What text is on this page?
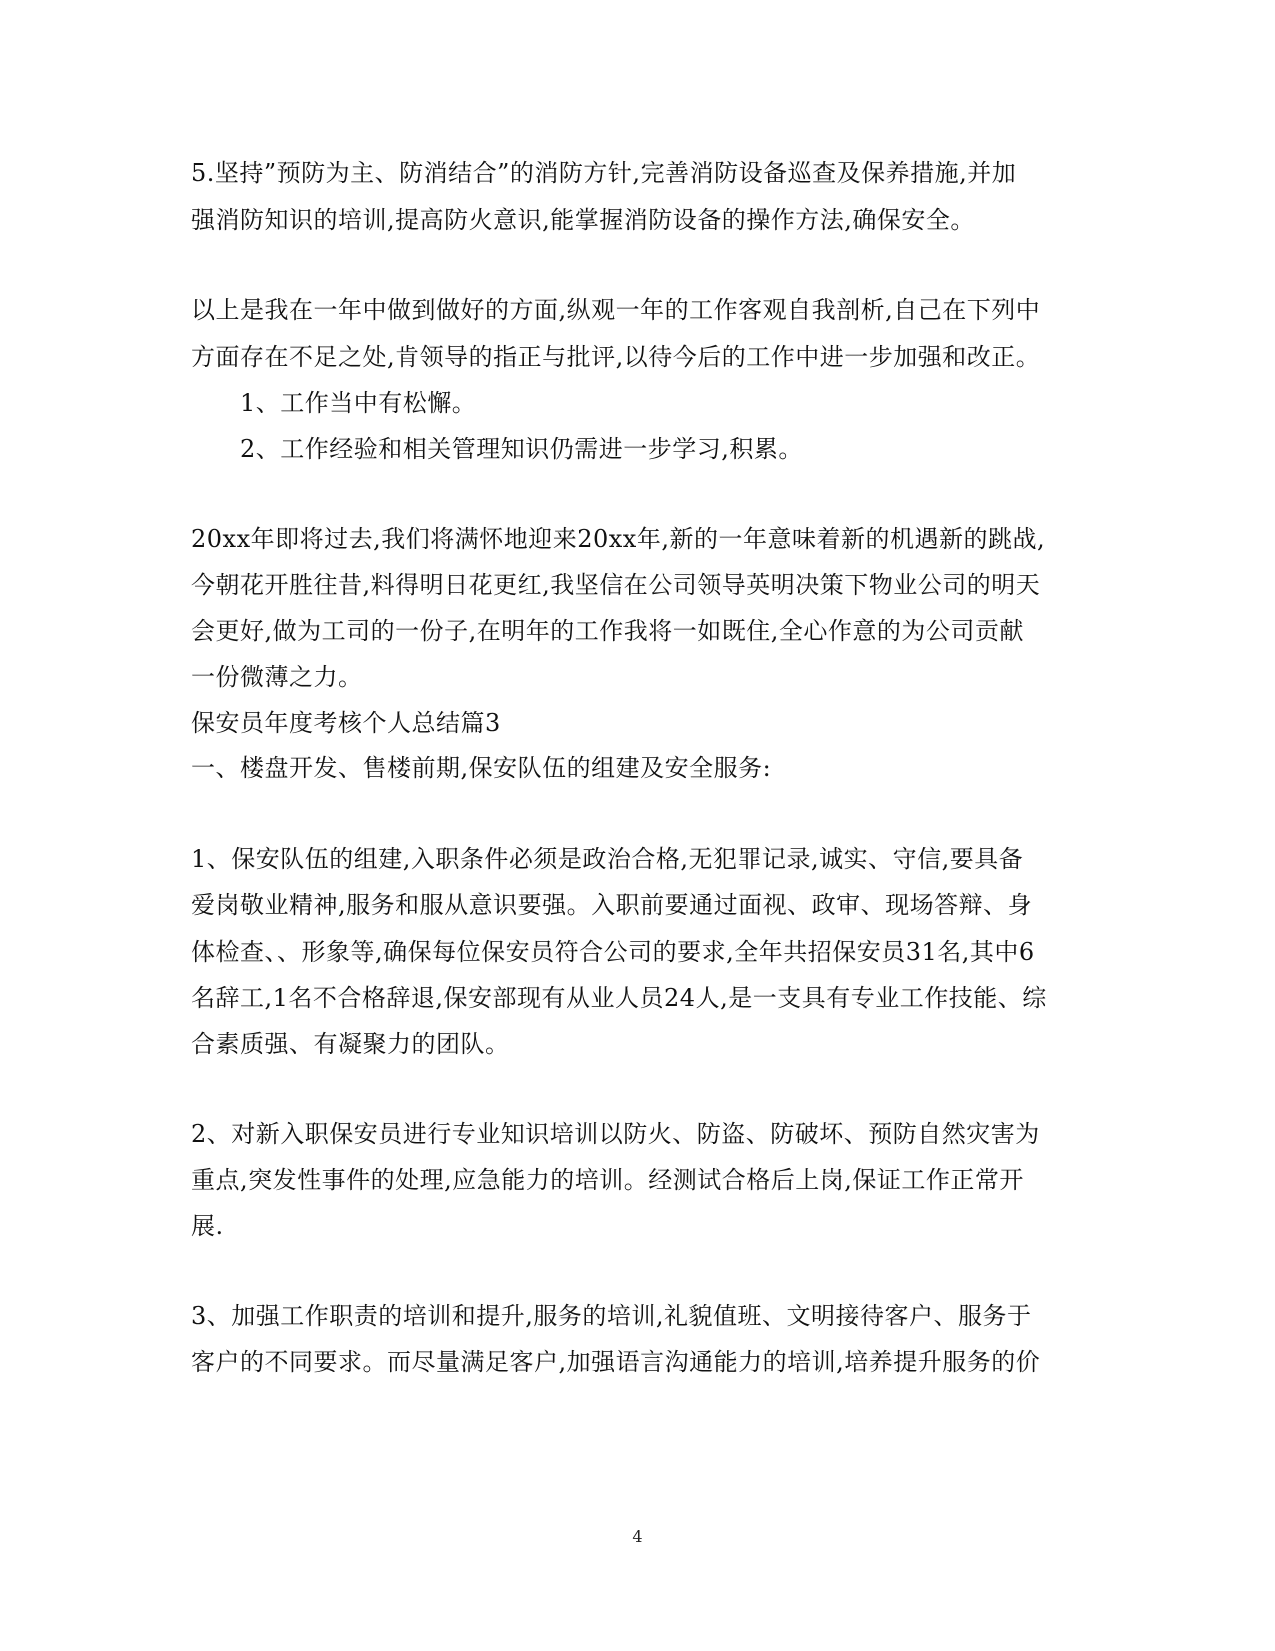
5.坚持”预防为主、防消结合”的消防方针,完善消防设备巡查及保养措施,并加
强消防知识的培训,提高防火意识,能掌握消防设备的操作方法,确保安全。
以上是我在一年中做到做好的方面,纵观一年的工作客观自我剖析,自己在下列中
方面存在不足之处,肯领导的指正与批评,以待今后的工作中进一步加强和改正。
1、工作当中有松懈。
2、工作经验和相关管理知识仍需进一步学习,积累。
20xx年即将过去,我们将满怀地迎来20xx年,新的一年意味着新的机遇新的跳战,
今朝花开胜往昔,料得明日花更红,我坚信在公司领导英明决策下物业公司的明天
会更好,做为工司的一份子,在明年的工作我将一如既住,全心作意的为公司贡献
一份微薄之力。
保安员年度考核个人总结篇3
一、楼盘开发、售楼前期,保安队伍的组建及安全服务:
1、保安队伍的组建,入职条件必须是政治合格,无犯罪记录,诚实、守信,要具备
爱岗敬业精神,服务和服从意识要强。入职前要通过面视、政审、现场答辩、身
体检查、、形象等,确保每位保安员符合公司的要求,全年共招保安员31名,其中6
名辞工,1名不合格辞退,保安部现有从业人员24人,是一支具有专业工作技能、综
合素质强、有凝聚力的团队。
2、对新入职保安员进行专业知识培训以防火、防盗、防破坏、预防自然灾害为
重点,突发性事件的处理,应急能力的培训。经测试合格后上岗,保证工作正常开
展.
3、加强工作职责的培训和提升,服务的培训,礼貌值班、文明接待客户、服务于
客户的不同要求。而尽量满足客户,加强语言沟通能力的培训,培养提升服务的价
4
